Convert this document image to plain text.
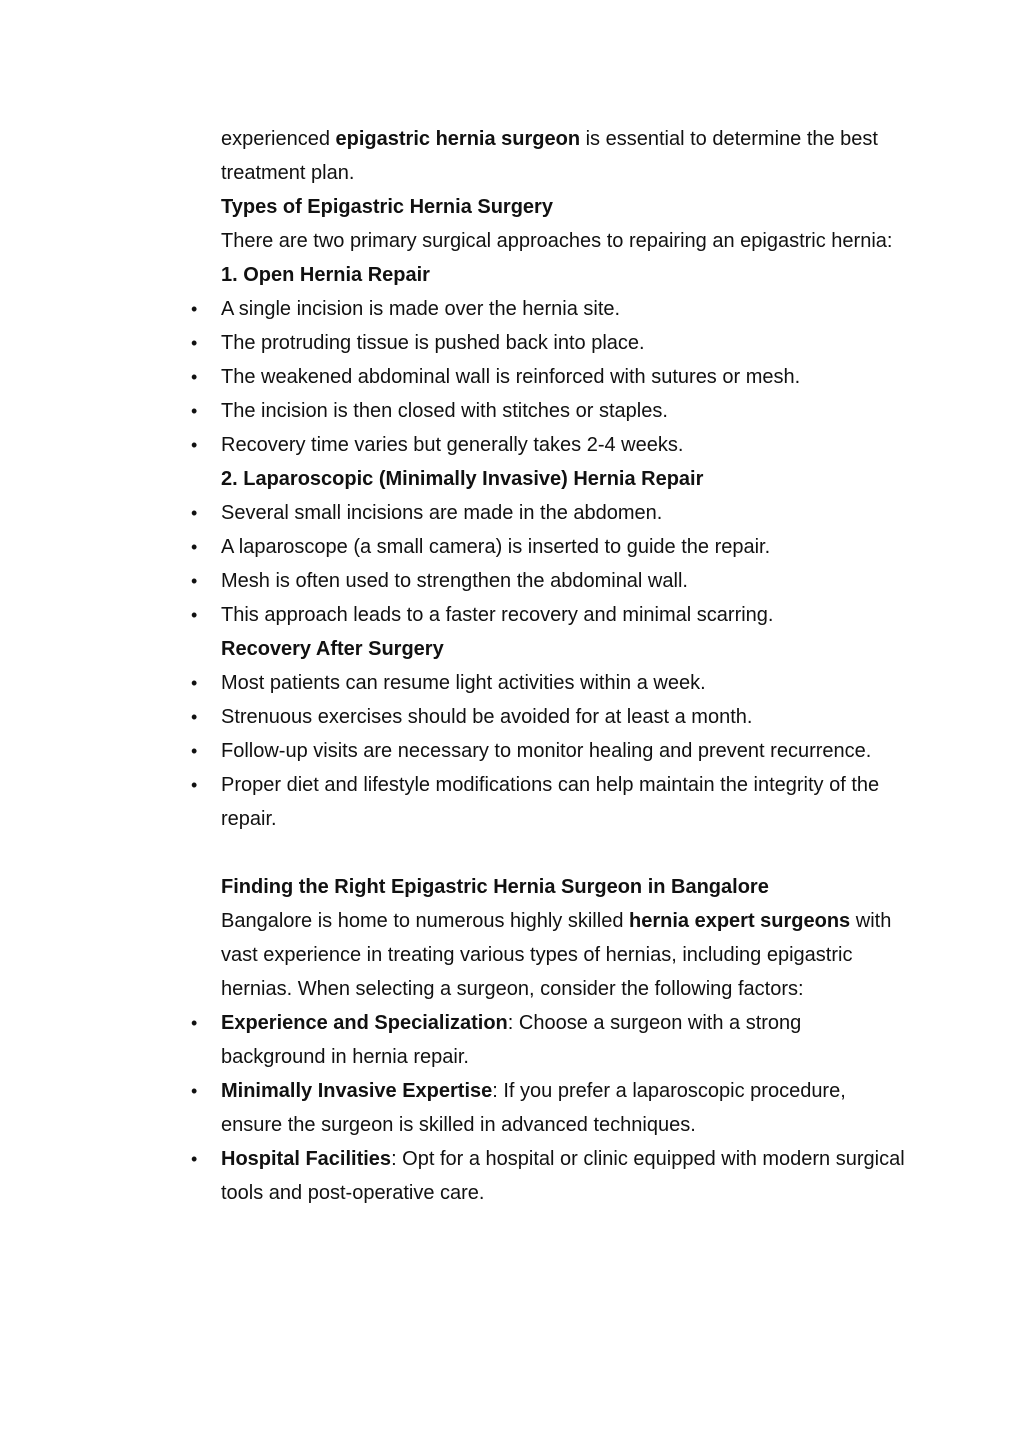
experienced epigastric hernia surgeon is essential to determine the best treatment plan.

Types of Epigastric Hernia Surgery

There are two primary surgical approaches to repairing an epigastric hernia:

1. Open Hernia Repair

• A single incision is made over the hernia site.
• The protruding tissue is pushed back into place.
• The weakened abdominal wall is reinforced with sutures or mesh.
• The incision is then closed with stitches or staples.
• Recovery time varies but generally takes 2-4 weeks.

2. Laparoscopic (Minimally Invasive) Hernia Repair

• Several small incisions are made in the abdomen.
• A laparoscope (a small camera) is inserted to guide the repair.
• Mesh is often used to strengthen the abdominal wall.
• This approach leads to a faster recovery and minimal scarring.

Recovery After Surgery

• Most patients can resume light activities within a week.
• Strenuous exercises should be avoided for at least a month.
• Follow-up visits are necessary to monitor healing and prevent recurrence.
• Proper diet and lifestyle modifications can help maintain the integrity of the repair.

Finding the Right Epigastric Hernia Surgeon in Bangalore

Bangalore is home to numerous highly skilled hernia expert surgeons with vast experience in treating various types of hernias, including epigastric hernias. When selecting a surgeon, consider the following factors:

• Experience and Specialization: Choose a surgeon with a strong background in hernia repair.
• Minimally Invasive Expertise: If you prefer a laparoscopic procedure, ensure the surgeon is skilled in advanced techniques.
• Hospital Facilities: Opt for a hospital or clinic equipped with modern surgical tools and post-operative care.
